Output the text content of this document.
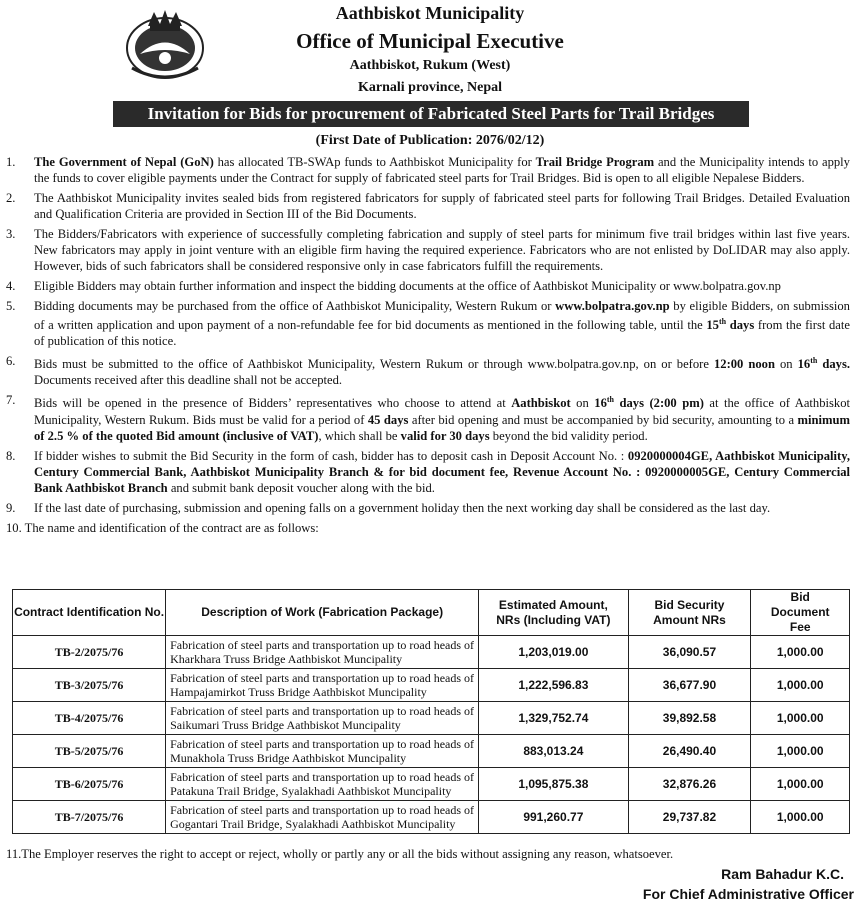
Aathbiskot Municipality
Office of Municipal Executive
Aathbiskot, Rukum (West)
Karnali province, Nepal
Invitation for Bids for procurement of Fabricated Steel Parts for Trail Bridges
(First Date of Publication: 2076/02/12)
1.	The Government of Nepal (GoN) has allocated TB-SWAp funds to Aathbiskot Municipality for Trail Bridge Program and the Municipality intends to apply the funds to cover eligible payments under the Contract for supply of fabricated steel parts for Trail Bridges. Bid is open to all eligible Nepalese Bidders.
2.	The Aathbiskot Municipality invites sealed bids from registered fabricators for supply of fabricated steel parts for following Trail Bridges. Detailed Evaluation and Qualification Criteria are provided in Section III of the Bid Documents.
3.	The Bidders/Fabricators with experience of successfully completing fabrication and supply of steel parts for minimum five trail bridges within last five years. New fabricators may apply in joint venture with an eligible firm having the required experience. Fabricators who are not enlisted by DoLIDAR may also apply. However, bids of such fabricators shall be considered responsive only in case fabricators fulfill the requirements.
4.	Eligible Bidders may obtain further information and inspect the bidding documents at the office of Aathbiskot Municipality or www.bolpatra.gov.np
5.	Bidding documents may be purchased from the office of Aathbiskot Municipality, Western Rukum or www.bolpatra.gov.np by eligible Bidders, on submission of a written application and upon payment of a non-refundable fee for bid documents as mentioned in the following table, until the 15th days from the first date of publication of this notice.
6.	Bids must be submitted to the office of Aathbiskot Municipality, Western Rukum or through www.bolpatra.gov.np, on or before 12:00 noon on 16th days. Documents received after this deadline shall not be accepted.
7.	Bids will be opened in the presence of Bidders’ representatives who choose to attend at Aathbiskot on 16th days (2:00 pm) at the office of Aathbiskot Municipality, Western Rukum. Bids must be valid for a period of 45 days after bid opening and must be accompanied by bid security, amounting to a minimum of 2.5 % of the quoted Bid amount (inclusive of VAT), which shall be valid for 30 days beyond the bid validity period.
8.	If bidder wishes to submit the Bid Security in the form of cash, bidder has to deposit cash in Deposit Account No. : 0920000004GE, Aathbiskot Municipality, Century Commercial Bank, Aathbiskot Municipality Branch & for bid document fee, Revenue Account No. : 0920000005GE, Century Commercial Bank Aathbiskot Branch and submit bank deposit voucher along with the bid.
9.	If the last date of purchasing, submission and opening falls on a government holiday then the next working day shall be considered as the last day.
10. The name and identification of the contract are as follows:
Contract Identification No.	Description of Work (Fabrication Package)	Estimated Amount, NRs (Including VAT)	Bid Security Amount NRs	Bid Document Fee
TB-2/2075/76	Fabrication of steel parts and transportation up to road heads of Kharkhara Truss Bridge Aathbiskot Muncipality	1,203,019.00	36,090.57	1,000.00
TB-3/2075/76	Fabrication of steel parts and transportation up to road heads of Hampajamirkot Truss Bridge Aathbiskot Muncipality	1,222,596.83	36,677.90	1,000.00
TB-4/2075/76	Fabrication of steel parts and transportation up to road heads of Saikumari Truss Bridge Aathbiskot Muncipality	1,329,752.74	39,892.58	1,000.00
TB-5/2075/76	Fabrication of steel parts and transportation up to road heads of Munakhola Truss Bridge Aathbiskot Muncipality	883,013.24	26,490.40	1,000.00
TB-6/2075/76	Fabrication of steel parts and transportation up to road heads of Patakuna Trail Bridge, Syalakhadi Aathbiskot Muncipality	1,095,875.38	32,876.26	1,000.00
TB-7/2075/76	Fabrication of steel parts and transportation up to road heads of Gogantari Trail Bridge, Syalakhadi Aathbiskot Muncipality	991,260.77	29,737.82	1,000.00
11.The Employer reserves the right to accept or reject, wholly or partly any or all the bids without assigning any reason, whatsoever.
Ram Bahadur K.C.
For Chief Administrative Officer
